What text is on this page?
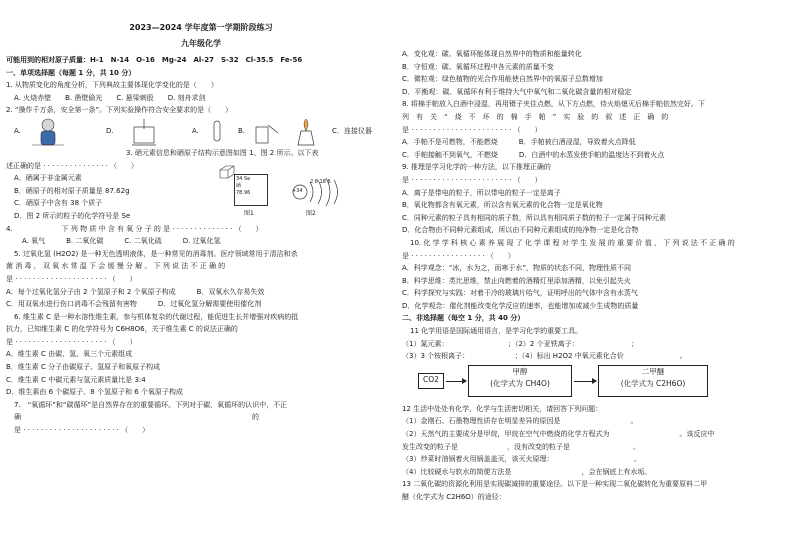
2023—2024 学年度第一学期阶段练习
九年级化学
可能用到的相对原子质量：H-1　N-14　O-16　Mg-24　Al-27　S-32　Cl-35.5　Fe-56
一、单项选择题（每题 1 分，共 10 分）
1. 从物质变化的角度分析，下列典故主要体现化学变化的是（　　）
A. 火烧赤壁　　B. 凿壁偷光　　C. 悬梁刺股　　D. 刻舟求剑
2. “操作千万条，安全第一条”。下列实验操作符合安全要求的是（　　）
A.	D.	A.	B.	C．连接仪器
3. 硒元素信息和硒原子结构示意图如图 1、图 2 所示。以下表
述正确的是 · · · · · · · · · · · · · · · （　　）
A．硒属于非金属元素
B．硒原子的相对原子质量是 87.62g
C．硒原子中含有 38 个质子
D．图 2 所示的粒子的化学符号是 Se
34 Se
硒
78.96
图1
+34
2 8 18 6
图2
4.　　　　　　　下 列 物 质 中 含 有 氧 分 子 的 是 · · · · · · · · · · · · · · （　　）
A. 氧气　　　B. 二氧化碳　　　C. 二氧化硫　　　D. 过氧化氢
5. 过氧化氢 (H2O2) 是一种无色透明液体，是一种常见的消毒剂。医疗领域常用于清洁和杀
菌 消 毒 ， 双 氧 水 常 温 下 会 缓 慢 分 解 。 下 列 说 法 不 正 确 的
是 · · · · · · · · · · · · · · · · · · · · · （　　）
A．每个过氧化氢分子由 2 个氢原子和 2 个氧原子构成　　　B．双氧水久存易失效
C．用双氧水进行伤口消毒不会残留有害物　　　D．过氧化氢分解需要使用催化剂
6. 维生素 C 是一种水溶性维生素，参与机体复杂的代谢过程，能促进生长并增强对疾病的抵
抗力，已知维生素 C 的化学符号为 C6H8O6，关于维生素 C 的说法正确的
是 · · · · · · · · · · · · · · · · · · · · · （　　）
A．维生素 C 由碳、氢、氧三个元素组成
B．维生素 C 分子由碳原子、氢原子和氧原子构成
C．维生素 C 中碳元素与氢元素质量比是 3:4
D．维生素由 6 个碳原子、8 个氢原子和 6 个氧原子构成
7.　“氧循环”和“碳循环”是自然界存在的重要循环。下列对于碳、氧循环的认识中，不正
确　　　　　　　　　　　　　　　　　　　　　　　　　　　　　　　　　的
是 · · · · · · · · · · · · · · · · · · · · · · （　　）
A．变化观：碳、氧循环能体现自然界中的物质和能量转化
B．守恒观：碳、氧循环过程中各元素的质量不变
C．微粒观：绿色植物的光合作用能使自然界中的氧原子总数增加
D．平衡观：碳、氧循环有利于维持大气中氧气和二氧化碳含量的相对稳定
8. 将棉手帕放入白酒中浸湿，再用镊子夹住点燃，从下方点燃，待火焰熄灭后棉手帕依然完好。下
列　有　关　“　烧　不　坏　的　棉　手　帕　”　实　验　的　叙　述　正　确　的
是 · · · · · · · · · · · · · · · · · · · · · · · （　　）
A．手帕不是可燃物，不能燃烧　　　B．手帕被白酒浸湿，导致着火点降低
C．手帕接触不到氧气，不燃烧　　　D．白酒中的水蒸发使手帕的温度达不到着火点
9. 推理是学习化学的一种方法，以下推理正确的
是 · · · · · · · · · · · · · · · · · · · · · · · （　　）
A．离子是带电的粒子，所以带电的粒子一定是离子
B．氧化物都含有氧元素，所以含有氧元素的化合物一定是氧化物
C．同种元素的粒子具有相同的质子数，所以具有相同质子数的粒子一定属于同种元素
D．化合物由不同种元素组成，所以由不同种元素组成的纯净物一定是化合物
10. 化 学 学 科 核 心 素 养 展 现 了 化 学 课 程 对 学 生 发 展 的 重 要 价 值 ， 下 列 说 法 不 正 确 的
是 · · · · · · · · · · · · · · · · · （　　）
A．科学观念：“冰，水为之，而寒于水”，物质的状态不同，物理性质不同
B．科学思维：类比思维，禁止向燃着的酒精灯里添加酒精，以免引起失火
C．科学探究与实践：对着干冷的玻璃片哈气，证明呼出的气体中含有水蒸气
D．化学观念：催化剂能改变化学反应的速率，也能增加或减少生成物的质量
二、非选择题（每空 1 分，共 40 分）
11 化学用语是国际通用语言，是学习化学的重要工具。
（1）氮元素：　　　　　　　　　；（2）2 个亚铁离子：　　　　　　　　；
（3）3 个铵根离子：　　　　　　　；（4）标出 H2O2 中氧元素化合价　　　　　　　　。
CO2
甲醇
(化学式为 CH4O)
二甲醚
(化学式为 C2H6O)
12 生活中处处有化学，化学与生活密切相关，请回答下列问题：
（1）金刚石、石墨物理性质存在明显差异的原因是　　　　　　　　　　。
（2）天然气的主要成分是甲烷，甲烷在空气中燃烧的化学方程式为　　　　　　　　　　。该反应中
发生改变的粒子是　　　　　　　，没有改变的粒子是　　　　　　　　　。
（3）炒菜时油锅着火用锅盖盖灭，该灭火原理：　　　　　　　　　　　　。
（4）比较硬水与软水的简便方法是　　　　　　　　　　，会在锅底上有水垢。
13 二氧化碳的资源化利用是实现碳减排的重要途径。以下是一种实现二氧化碳转化为重要原料二甲
醚（化学式为 C2H6O）的途径：
